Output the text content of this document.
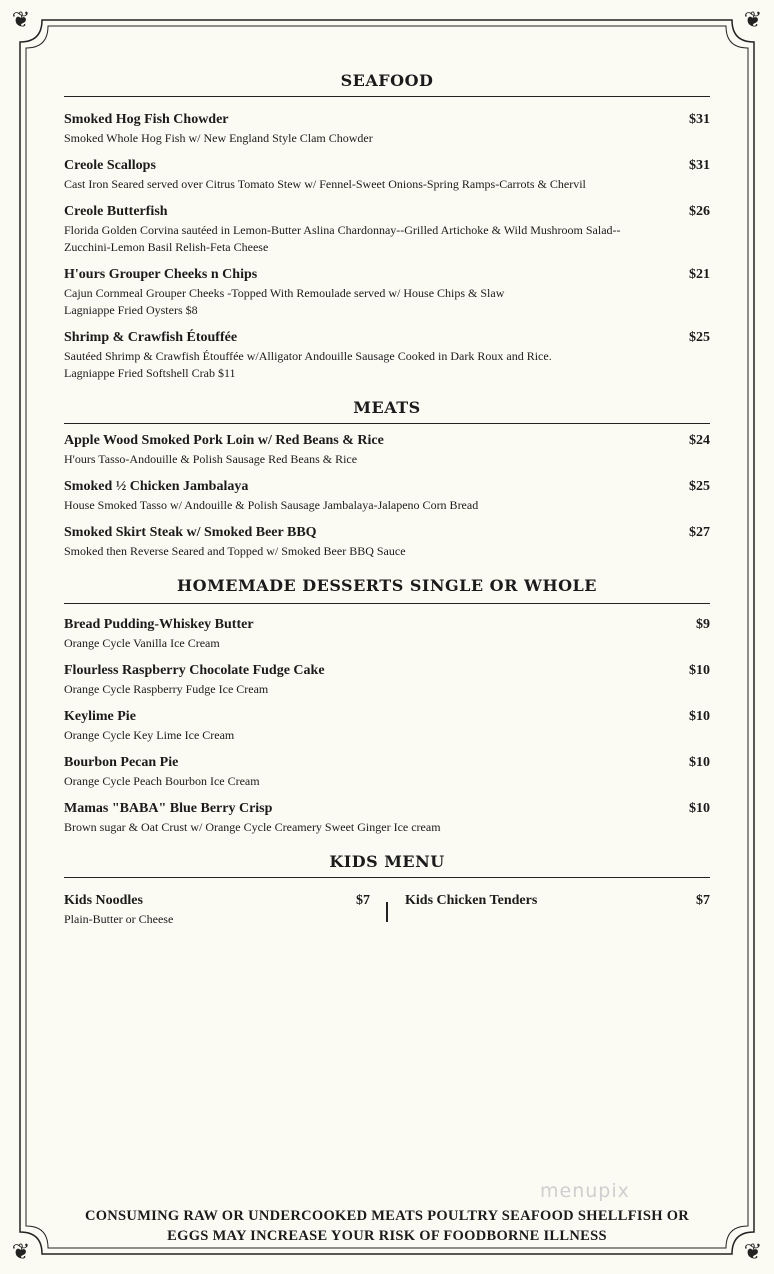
❦	❦
❦	❦
SEAFOOD
Smoked Hog Fish Chowder	$31
Smoked Whole Hog Fish w/ New England Style Clam Chowder
Creole Scallops	$31
Cast Iron Seared served over Citrus Tomato Stew w/ Fennel-Sweet Onions-Spring Ramps-Carrots & Chervil
Creole Butterfish	$26
Florida Golden Corvina sautéed in Lemon-Butter Aslina Chardonnay--Grilled Artichoke & Wild Mushroom Salad--Zucchini-Lemon Basil Relish-Feta Cheese
H'ours Grouper Cheeks n Chips	$21
Cajun Cornmeal Grouper Cheeks -Topped With Remoulade served w/ House Chips & Slaw
Lagniappe Fried Oysters $8
Shrimp & Crawfish Étouffée	$25
Sautéed Shrimp & Crawfish Étouffée w/Alligator Andouille Sausage Cooked in Dark Roux and Rice.
Lagniappe Fried Softshell Crab $11
MEATS
Apple Wood Smoked Pork Loin w/ Red Beans & Rice	$24
H'ours Tasso-Andouille & Polish Sausage Red Beans & Rice
Smoked ½ Chicken Jambalaya	$25
House Smoked Tasso w/ Andouille & Polish Sausage Jambalaya-Jalapeno Corn Bread
Smoked Skirt Steak w/ Smoked Beer BBQ	$27
Smoked then Reverse Seared and Topped w/ Smoked Beer BBQ Sauce
HOMEMADE DESSERTS SINGLE OR WHOLE
Bread Pudding-Whiskey Butter	$9
Orange Cycle Vanilla Ice Cream
Flourless Raspberry Chocolate Fudge Cake	$10
Orange Cycle Raspberry Fudge Ice Cream
Keylime Pie	$10
Orange Cycle Key Lime Ice Cream
Bourbon Pecan Pie	$10
Orange Cycle Peach Bourbon Ice Cream
Mamas "BABA" Blue Berry Crisp	$10
Brown sugar & Oat Crust w/ Orange Cycle Creamery Sweet Ginger Ice cream
KIDS MENU
Kids Noodles	$7
Plain-Butter or Cheese
Kids Chicken Tenders	$7
menupix
CONSUMING RAW OR UNDERCOOKED MEATS POULTRY SEAFOOD SHELLFISH OR
EGGS MAY INCREASE YOUR RISK OF FOODBORNE ILLNESS
